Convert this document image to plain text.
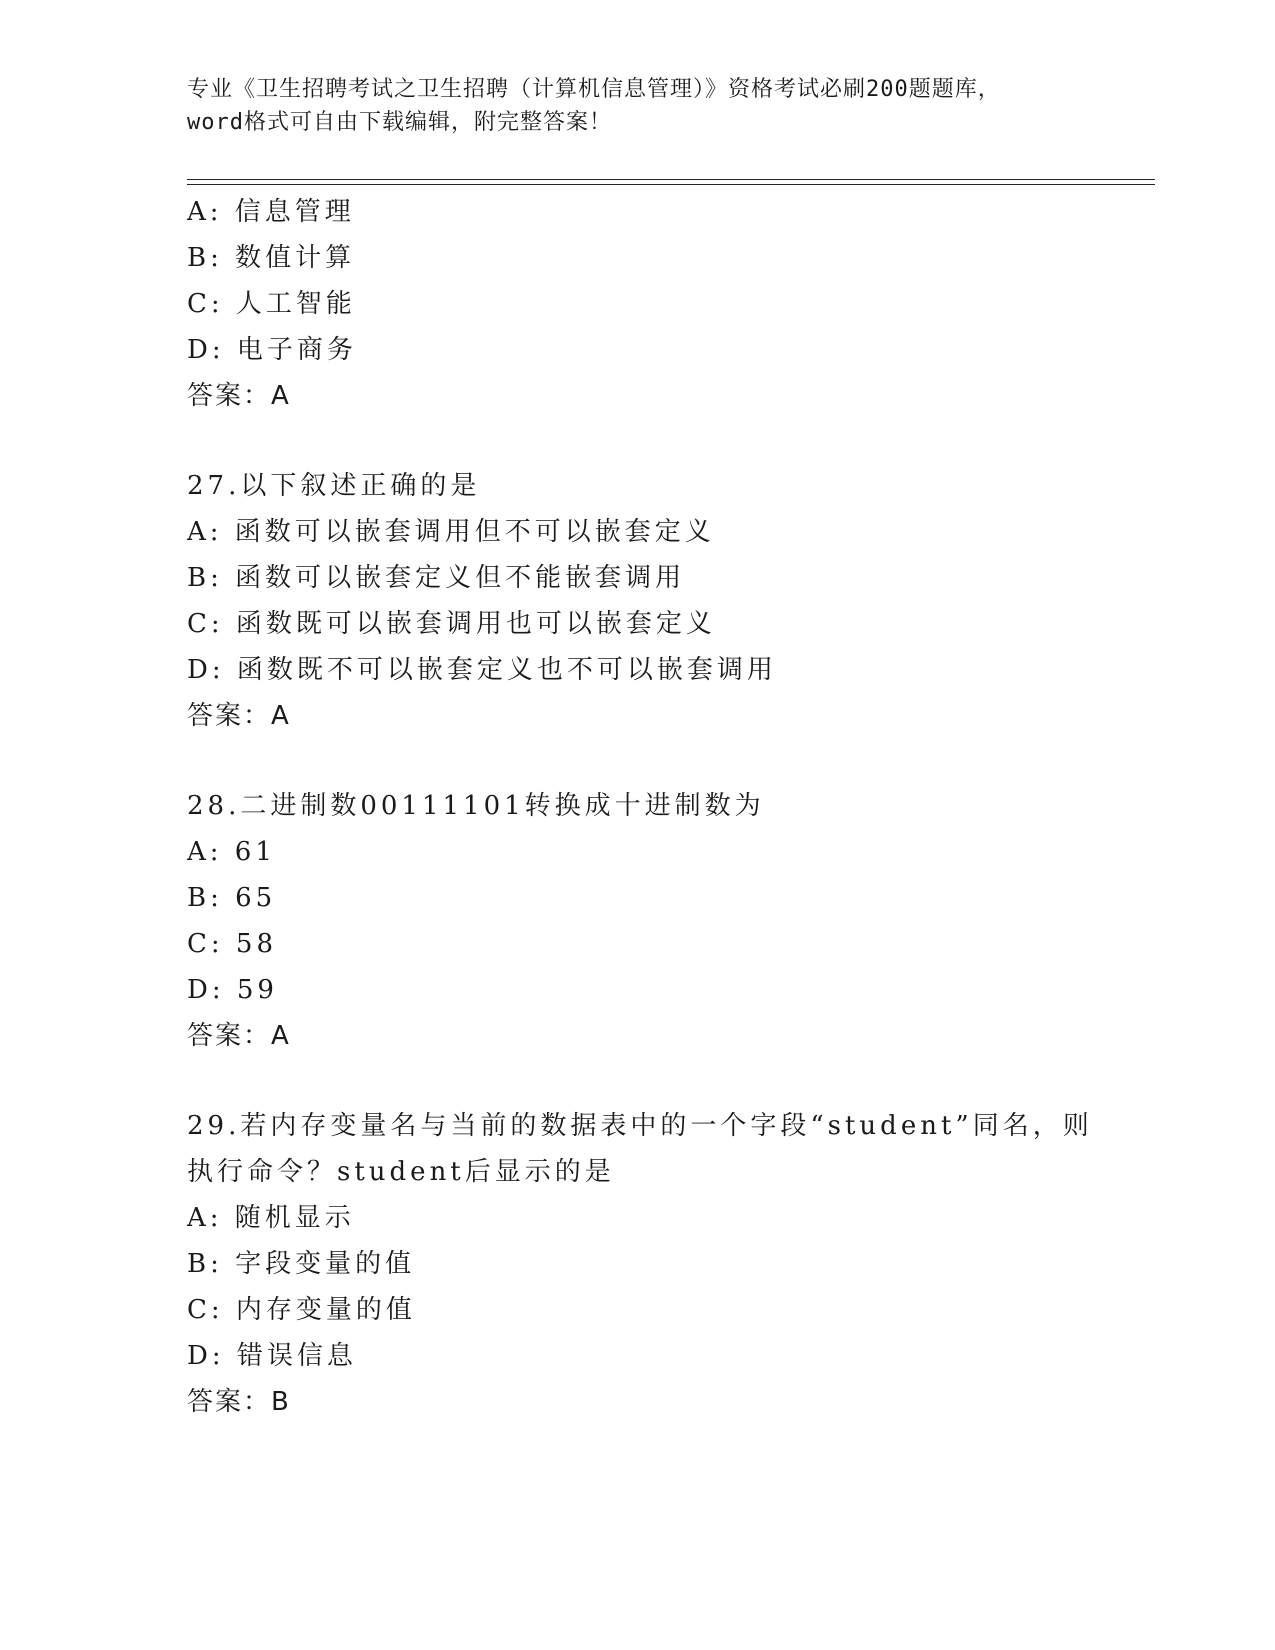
专业《卫生招聘考试之卫生招聘（计算机信息管理）》资格考试必刷200题题库，
word格式可自由下载编辑，附完整答案！
A: 信息管理
B: 数值计算
C: 人工智能
D: 电子商务
答案：A
27.以下叙述正确的是
A: 函数可以嵌套调用但不可以嵌套定义
B: 函数可以嵌套定义但不能嵌套调用
C: 函数既可以嵌套调用也可以嵌套定义
D: 函数既不可以嵌套定义也不可以嵌套调用
答案：A
28.二进制数00111101转换成十进制数为
A: 61
B: 65
C: 58
D: 59
答案：A
29.若内存变量名与当前的数据表中的一个字段“student”同名，则
执行命令？student后显示的是
A: 随机显示
B: 字段变量的值
C: 内存变量的值
D: 错误信息
答案：B
